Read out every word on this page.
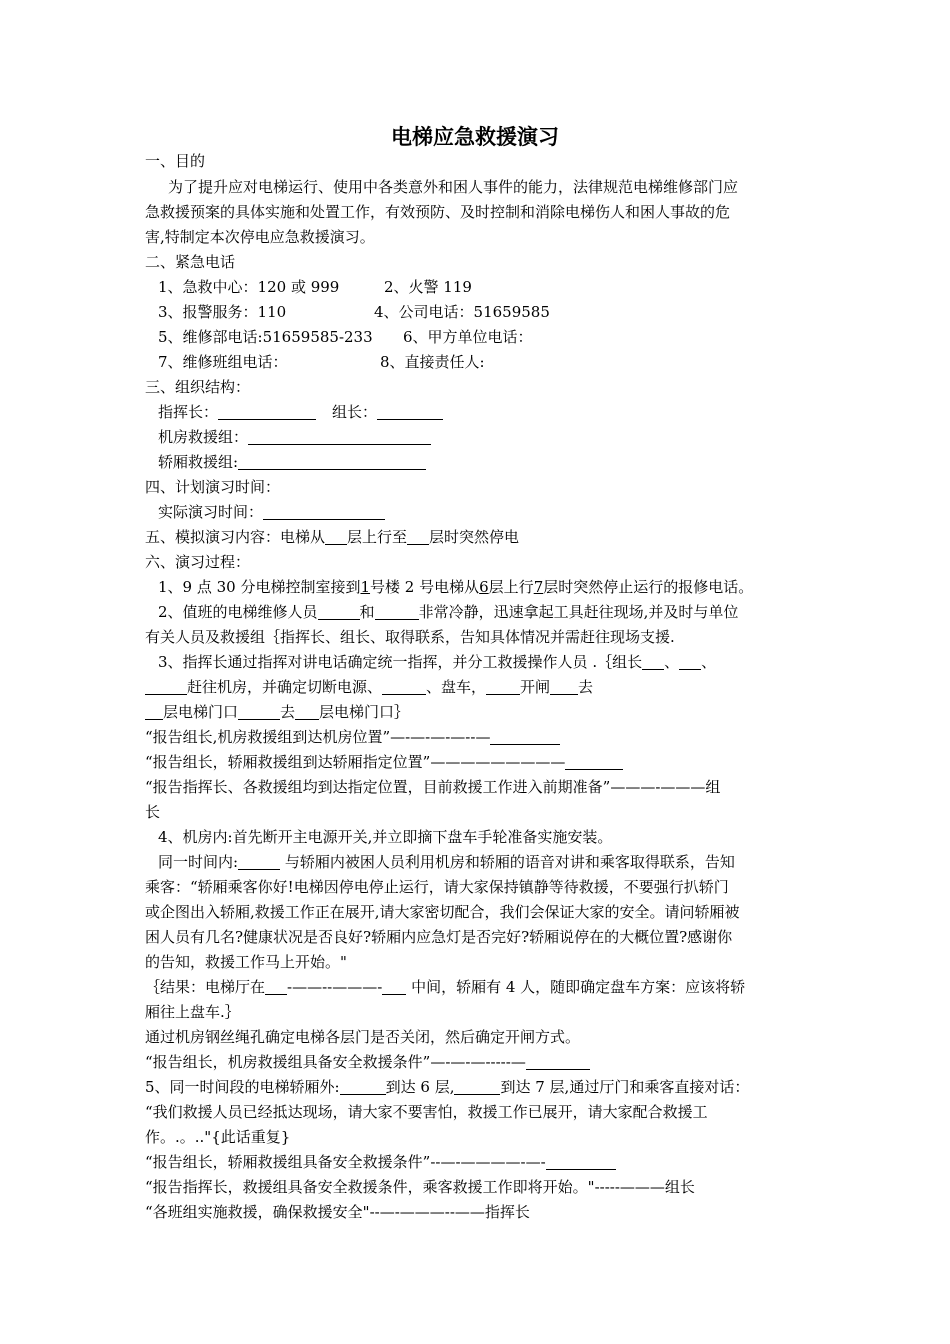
电梯应急救援演习
一、目的
为了提升应对电梯运行、使用中各类意外和困人事件的能力，法律规范电梯维修部门应
急救援预案的具体实施和处置工作，有效预防、及时控制和消除电梯伤人和困人事故的危
害,特制定本次停电应急救援演习。
二、紧急电话
1、急救中心：120 或 999	2、火警 119
3、报警服务：110	4、公司电话：51659585
5、维修部电话:51659585-233 6、甲方单位电话：
7、维修班组电话：	8、直接责任人:
三、组织结构：
指挥长：	组长：
机房救援组：
轿厢救援组:
四、计划演习时间：
实际演习时间：
五、模拟演习内容：电梯从 层上行至 层时突然停电
六、演习过程：
1、9 点 30 分电梯控制室接到1号楼 2 号电梯从6层上行7层时突然停止运行的报修电话。
2、值班的电梯维修人员	和	非常冷静，迅速拿起工具赶往现场,并及时与单位
有关人员及救援组｛指挥长、组长、取得联系，告知具体情况并需赶往现场支援.
3、指挥长通过指挥对讲电话确定统一指挥，并分工救援操作人员 .｛组长 、 、
赶往机房，并确定切断电源、	、盘车， 开闸 去
层电梯门口	去 层电梯门口｝
“报告组长,机房救援组到达机房位置”—-—-—-—--—
“报告组长，轿厢救援组到达轿厢指定位置”—————————
“报告指挥长、各救援组均到达指定位置，目前救援工作进入前期准备”———-———组
长
4、机房内:首先断开主电源开关,并立即摘下盘车手轮准备实施安装。
同一时间内:	与轿厢内被困人员利用机房和轿厢的语音对讲和乘客取得联系，告知
乘客：“轿厢乘客你好!电梯因停电停止运行，请大家保持镇静等待救援，不要强行扒轿门
或企图出入轿厢,救援工作正在展开,请大家密切配合，我们会保证大家的安全。请问轿厢被
困人员有几名?健康状况是否良好?轿厢内应急灯是否完好?轿厢说停在的大概位置?感谢你
的告知，救援工作马上开始。"
｛结果：电梯厅在 -——--———- 中间，轿厢有 4 人，随即确定盘车方案：应该将轿
厢往上盘车.｝
通过机房钢丝绳孔确定电梯各层门是否关闭，然后确定开闸方式。
“报告组长，机房救援组具备安全救援条件”—-—-—-----—
5、同一时间段的电梯轿厢外:	到达 6 层,	到达 7 层,通过厅门和乘客直接对话：
“我们救援人员已经抵达现场，请大家不要害怕，救援工作已展开，请大家配合救援工
作。.。.."{此话重复}
“报告组长，轿厢救援组具备安全救援条件”--—-————-—-
“报告指挥长，救援组具备安全救援条件，乘客救援工作即将开始。"-----———组长
“各班组实施救援，确保救援安全"--—-———--——指挥长
